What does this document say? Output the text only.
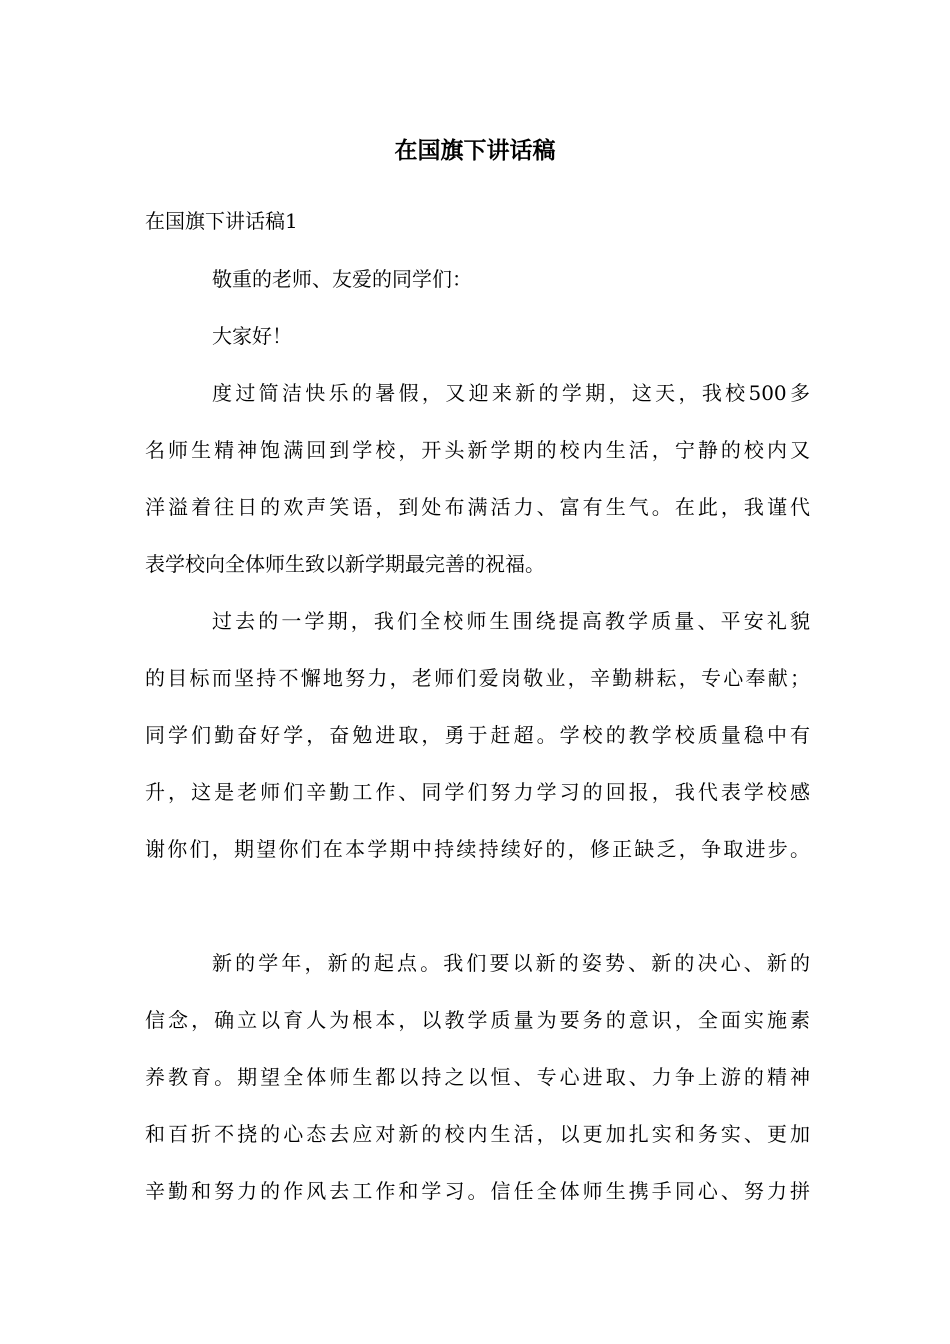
在国旗下讲话稿

在国旗下讲话稿1

敬重的老师、友爱的同学们：

大家好！

度过简洁快乐的暑假，又迎来新的学期，这天，我校500多

名师生精神饱满回到学校，开头新学期的校内生活，宁静的校内又

洋溢着往日的欢声笑语，到处布满活力、富有生气。在此，我谨代

表学校向全体师生致以新学期最完善的祝福。

过去的一学期，我们全校师生围绕提高教学质量、平安礼貌

的目标而坚持不懈地努力，老师们爱岗敬业，辛勤耕耘，专心奉献；

同学们勤奋好学，奋勉进取，勇于赶超。学校的教学校质量稳中有

升，这是老师们辛勤工作、同学们努力学习的回报，我代表学校感

谢你们，期望你们在本学期中持续持续好的，修正缺乏，争取进步。

新的学年，新的起点。我们要以新的姿势、新的决心、新的

信念，确立以育人为根本，以教学质量为要务的意识，全面实施素

养教育。期望全体师生都以持之以恒、专心进取、力争上游的精神

和百折不挠的心态去应对新的校内生活，以更加扎实和务实、更加

辛勤和努力的作风去工作和学习。信任全体师生携手同心、努力拼
